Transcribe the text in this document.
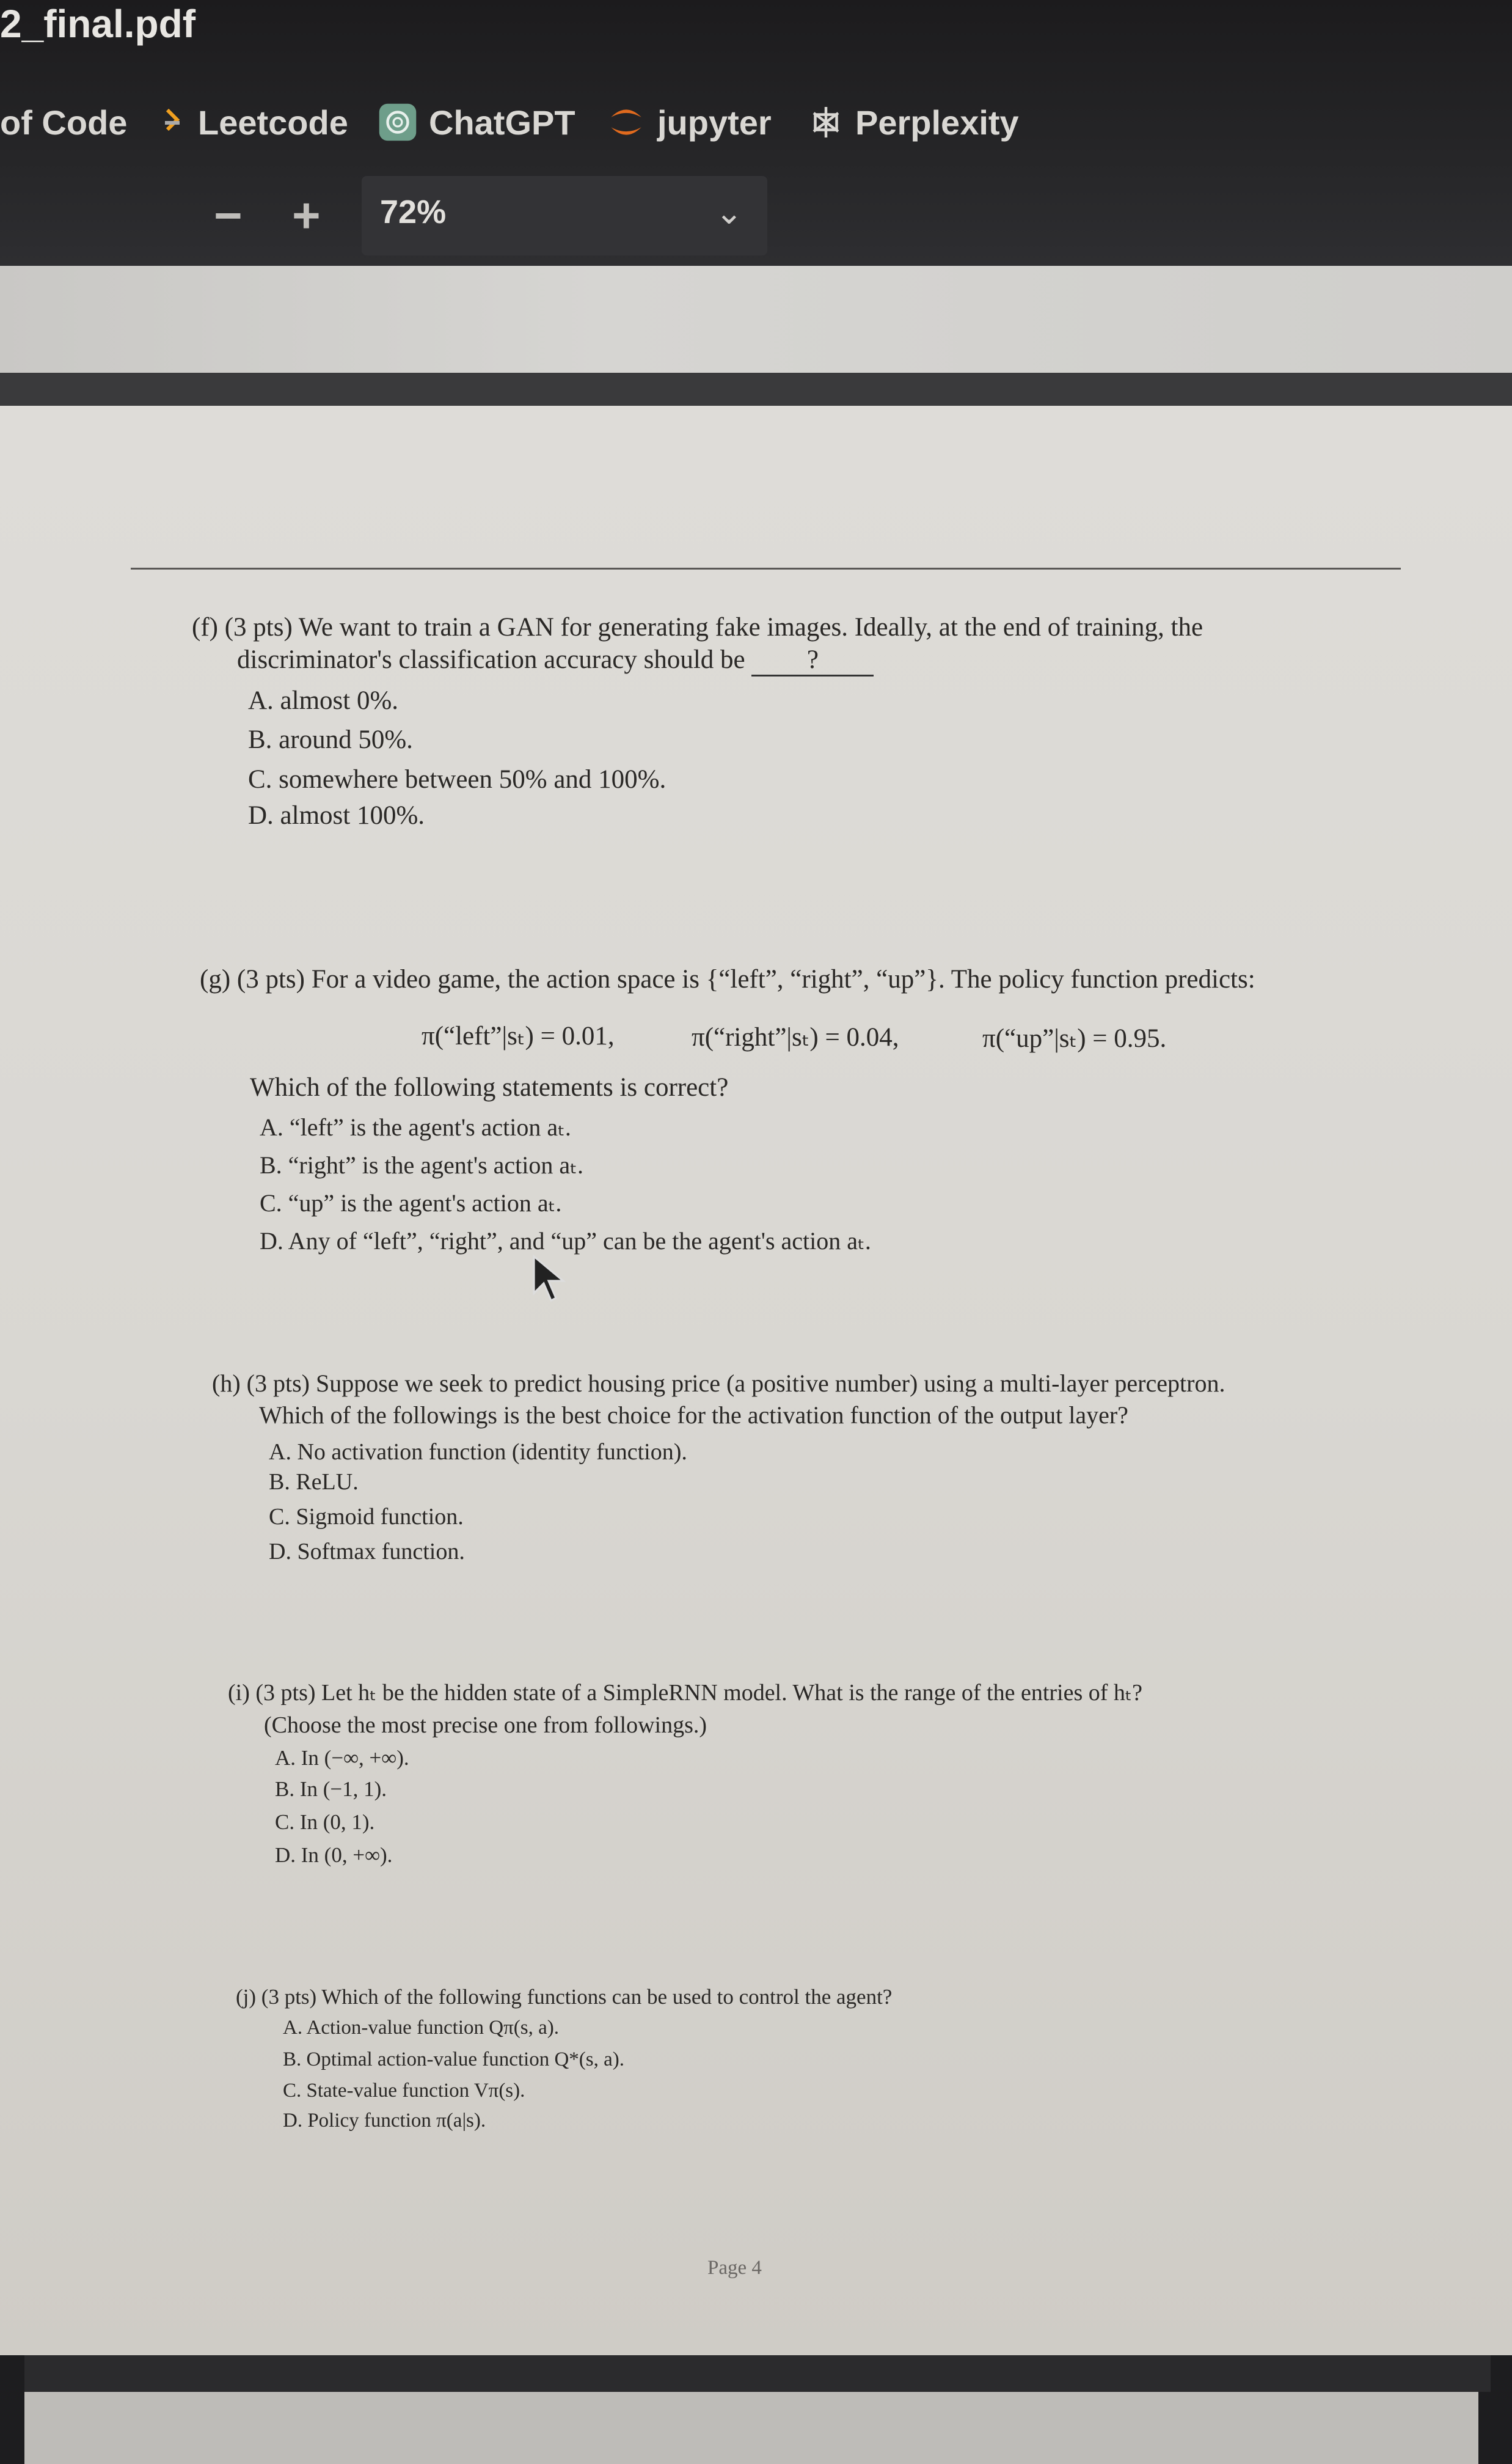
2_final.pdf
of Code Leetcode ChatGPT jupyter Perplexity
− + 72%	⌄
(f) (3 pts) We want to train a GAN for generating fake images. Ideally, at the end of training, the
discriminator's classification accuracy should be ?
A. almost 0%.
B. around 50%.
C. somewhere between 50% and 100%.
D. almost 100%.
(g) (3 pts) For a video game, the action space is {“left”, “right”, “up”}. The policy function predicts:
π(“left”|sₜ) = 0.01,	π(“right”|sₜ) = 0.04,	π(“up”|sₜ) = 0.95.
Which of the following statements is correct?
A. “left” is the agent's action aₜ.
B. “right” is the agent's action aₜ.
C. “up” is the agent's action aₜ.
D. Any of “left”, “right”, and “up” can be the agent's action aₜ.
(h) (3 pts) Suppose we seek to predict housing price (a positive number) using a multi-layer perceptron.
Which of the followings is the best choice for the activation function of the output layer?
A. No activation function (identity function).
B. ReLU.
C. Sigmoid function.
D. Softmax function.
(i) (3 pts) Let hₜ be the hidden state of a SimpleRNN model. What is the range of the entries of hₜ?
(Choose the most precise one from followings.)
A. In (−∞, +∞).
B. In (−1, 1).
C. In (0, 1).
D. In (0, +∞).
(j) (3 pts) Which of the following functions can be used to control the agent?
A. Action-value function Qπ(s, a).
B. Optimal action-value function Q*(s, a).
C. State-value function Vπ(s).
D. Policy function π(a|s).
Page 4
